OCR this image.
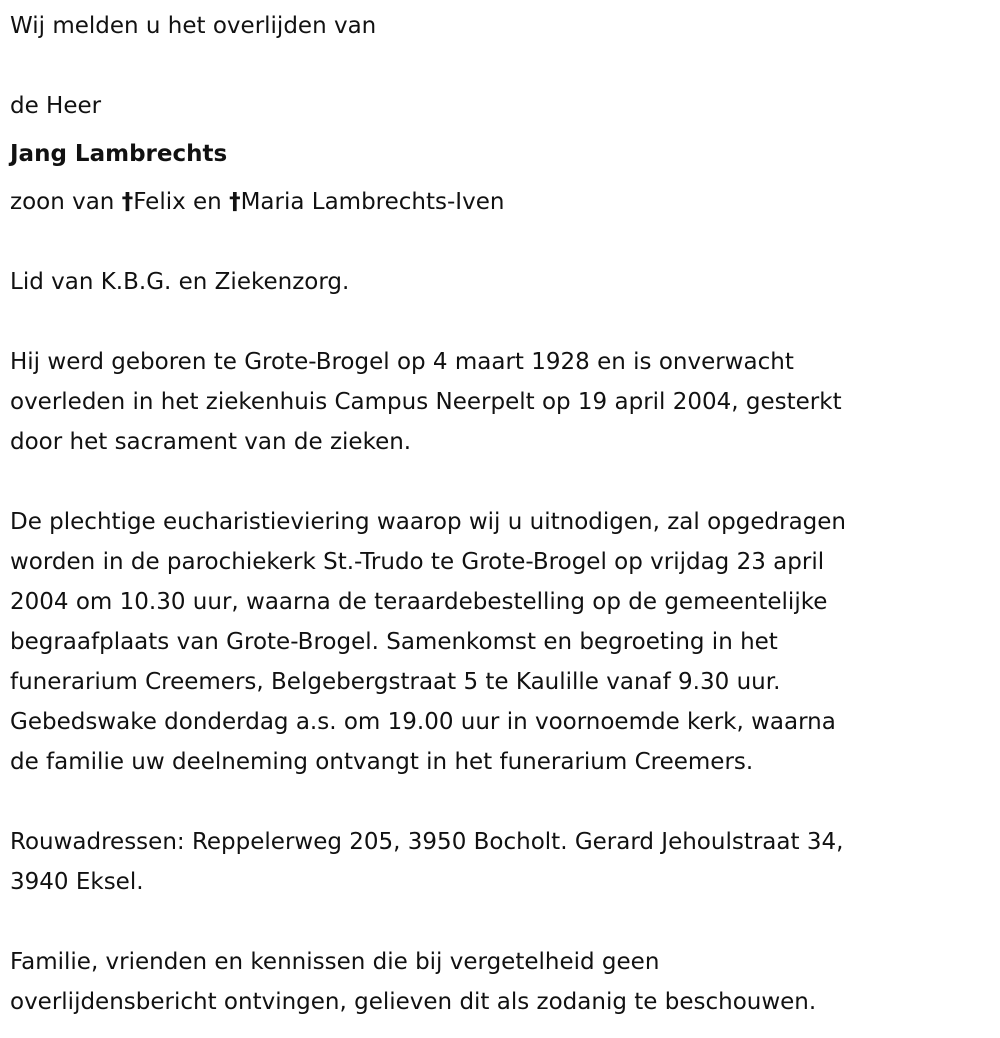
Wij melden u het overlijden van
de Heer
Jang Lambrechts
zoon van †Felix en †Maria Lambrechts-Iven
Lid van K.B.G. en Ziekenzorg.
Hij werd geboren te Grote-Brogel op 4 maart 1928 en is onverwacht
overleden in het ziekenhuis Campus Neerpelt op 19 april 2004, gesterkt
door het sacrament van de zieken.
De plechtige eucharistieviering waarop wij u uitnodigen, zal opgedragen
worden in de parochiekerk St.-Trudo te Grote-Brogel op vrijdag 23 april
2004 om 10.30 uur, waarna de teraardebestelling op de gemeentelijke
begraafplaats van Grote-Brogel. Samenkomst en begroeting in het
funerarium Creemers, Belgebergstraat 5 te Kaulille vanaf 9.30 uur.
Gebedswake donderdag a.s. om 19.00 uur in voornoemde kerk, waarna
de familie uw deelneming ontvangt in het funerarium Creemers.
Rouwadressen: Reppelerweg 205, 3950 Bocholt. Gerard Jehoulstraat 34,
3940 Eksel.
Familie, vrienden en kennissen die bij vergetelheid geen
overlijdensbericht ontvingen, gelieven dit als zodanig te beschouwen.
